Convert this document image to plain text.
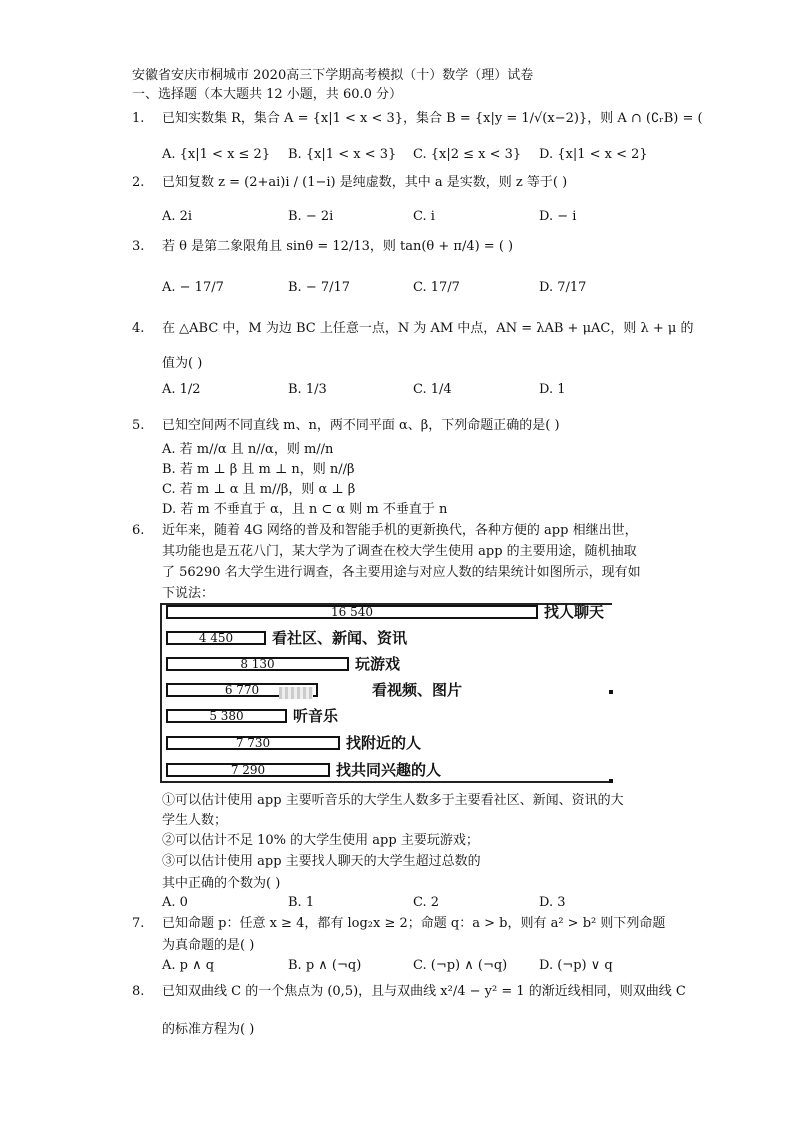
安徽省安庆市桐城市 2020高三下学期高考模拟（十）数学（理）试卷
一、选择题（本大题共 12 小题，共 60.0 分）
1.	已知实数集 R，集合 A = {x|1 < x < 3}，集合 B = {x|y = 1/√(x−2)}，则 A ∩ (∁ᵣB) = (
A. {x|1 < x ≤ 2} B. {x|1 < x < 3} C. {x|2 ≤ x < 3} D. {x|1 < x < 2}
2.	已知复数 z = (2+ai)i / (1−i) 是纯虚数，其中 a 是实数，则 z 等于( )
A. 2i	B. − 2i	C. i	D. − i
3.	若 θ 是第二象限角且 sinθ = 12/13，则 tan(θ + π/4) = ( )
A. − 17/7	B. − 7/17	C. 17/7	D. 7/17
4.	在 △ABC 中，M 为边 BC 上任意一点，N 为 AM 中点，AN = λAB + μAC，则 λ + μ 的
值为( )
A. 1/2	B. 1/3	C. 1/4	D. 1
5.	已知空间两不同直线 m、n，两不同平面 α、β，下列命题正确的是( )
A. 若 m//α 且 n//α，则 m//n
B. 若 m ⊥ β 且 m ⊥ n，则 n//β
C. 若 m ⊥ α 且 m//β，则 α ⊥ β
D. 若 m 不垂直于 α，且 n ⊂ α 则 m 不垂直于 n
6.	近年来，随着 4G 网络的普及和智能手机的更新换代，各种方便的 app 相继出世，
其功能也是五花八门，某大学为了调查在校大学生使用 app 的主要用途，随机抽取
了 56290 名大学生进行调查，各主要用途与对应人数的结果统计如图所示，现有如
下说法：
16 540	找人聊天
4 450	看社区、新闻、资讯
8 130	玩游戏
6 770	看视频、图片
5 380	听音乐
7 730	找附近的人
7 290	找共同兴趣的人
①可以估计使用 app 主要听音乐的大学生人数多于主要看社区、新闻、资讯的大
学生人数；
②可以估计不足 10% 的大学生使用 app 主要玩游戏；
③可以估计使用 app 主要找人聊天的大学生超过总数的
其中正确的个数为( )
A. 0	B. 1	C. 2	D. 3
7.	已知命题 p：任意 x ≥ 4，都有 log₂x ≥ 2；命题 q：a > b，则有 a² > b² 则下列命题
为真命题的是( )
A. p ∧ q	B. p ∧ (¬q)	C. (¬p) ∧ (¬q) D. (¬p) ∨ q
8.	已知双曲线 C 的一个焦点为 (0,5)，且与双曲线 x²/4 − y² = 1 的渐近线相同，则双曲线 C
的标准方程为( )
